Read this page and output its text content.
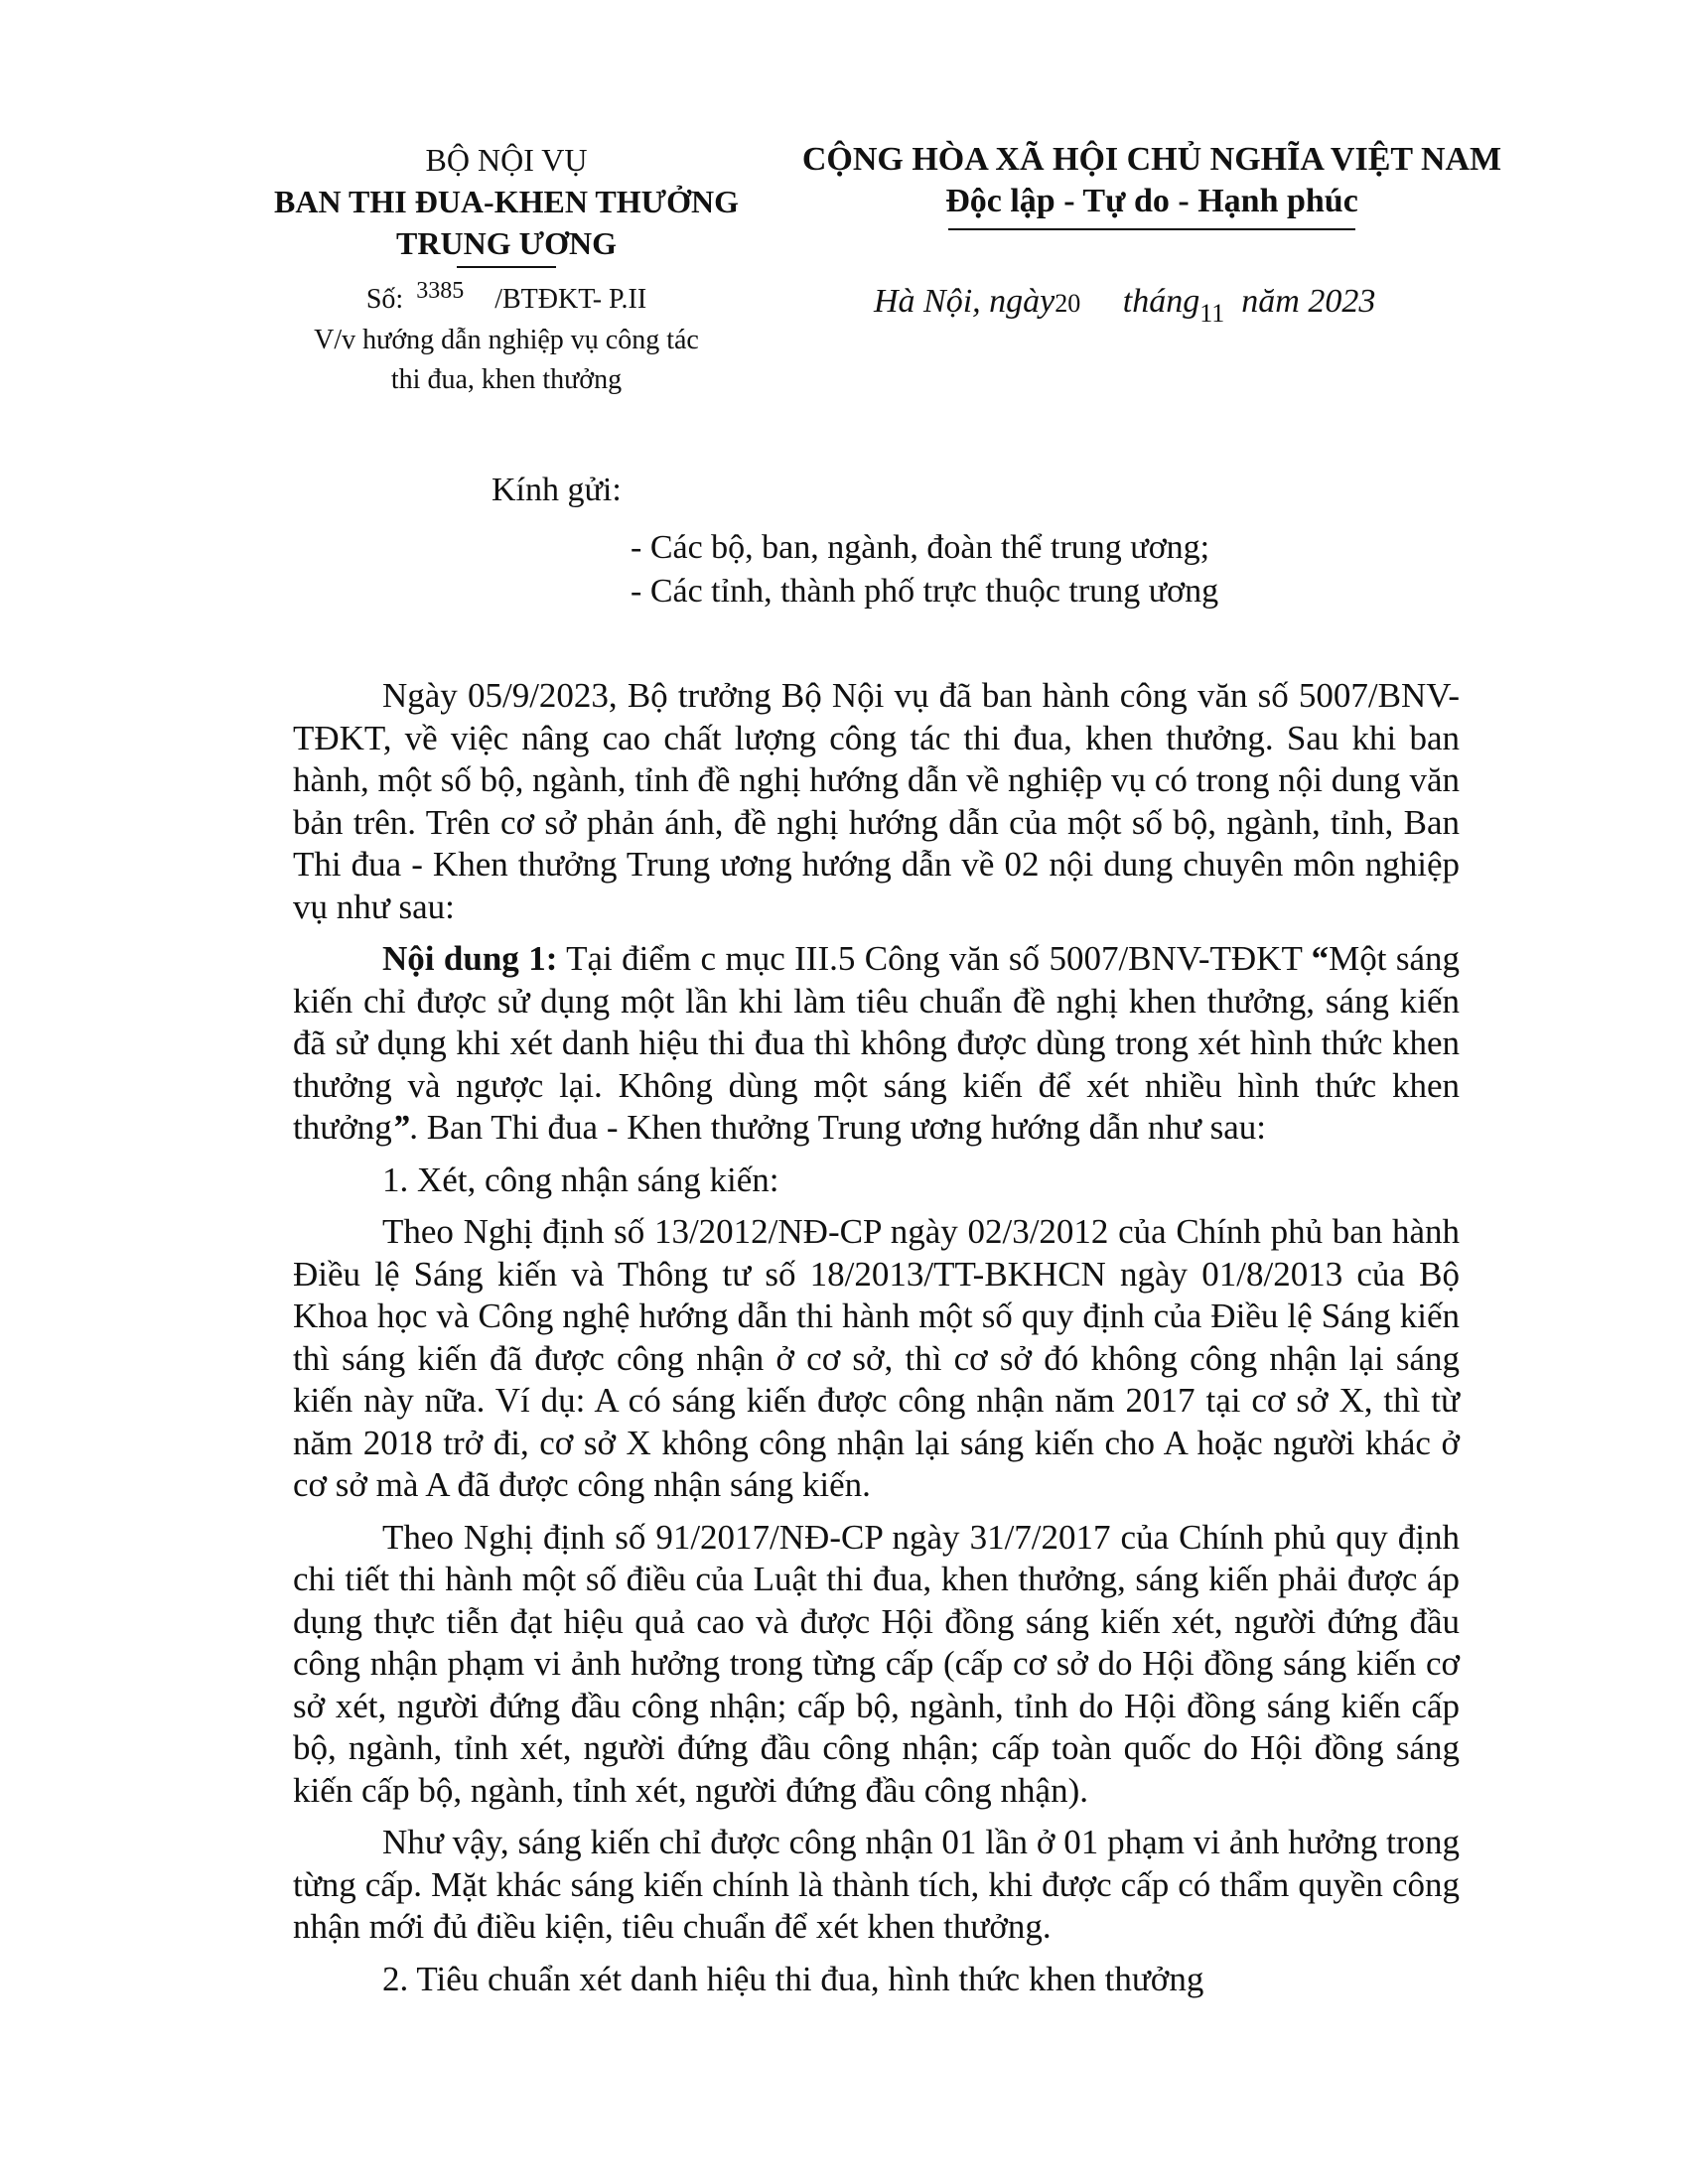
BỘ NỘI VỤ
BAN THI ĐUA-KHEN THƯỞNG
TRUNG ƯƠNG
Số: 3385 /BTĐKT- P.II
V/v hướng dẫn nghiệp vụ công tác
thi đua, khen thưởng
CỘNG HÒA XÃ HỘI CHỦ NGHĨA VIỆT NAM
Độc lập - Tự do - Hạnh phúc
Hà Nội, ngày20 tháng$_{11}$ năm 2023
Kính gửi:
- Các bộ, ban, ngành, đoàn thể trung ương;
- Các tỉnh, thành phố trực thuộc trung ương

Ngày 05/9/2023, Bộ trưởng Bộ Nội vụ đã ban hành công văn số 5007/BNV-TĐKT, về việc nâng cao chất lượng công tác thi đua, khen thưởng. Sau khi ban hành, một số bộ, ngành, tỉnh đề nghị hướng dẫn về nghiệp vụ có trong nội dung văn bản trên. Trên cơ sở phản ánh, đề nghị hướng dẫn của một số bộ, ngành, tỉnh, Ban Thi đua - Khen thưởng Trung ương hướng dẫn về 02 nội dung chuyên môn nghiệp vụ như sau:

Nội dung 1: Tại điểm c mục III.5 Công văn số 5007/BNV-TĐKT “Một sáng kiến chỉ được sử dụng một lần khi làm tiêu chuẩn đề nghị khen thưởng, sáng kiến đã sử dụng khi xét danh hiệu thi đua thì không được dùng trong xét hình thức khen thưởng và ngược lại. Không dùng một sáng kiến để xét nhiều hình thức khen thưởng”. Ban Thi đua - Khen thưởng Trung ương hướng dẫn như sau:

1. Xét, công nhận sáng kiến:

Theo Nghị định số 13/2012/NĐ-CP ngày 02/3/2012 của Chính phủ ban hành Điều lệ Sáng kiến và Thông tư số 18/2013/TT-BKHCN ngày 01/8/2013 của Bộ Khoa học và Công nghệ hướng dẫn thi hành một số quy định của Điều lệ Sáng kiến thì sáng kiến đã được công nhận ở cơ sở, thì cơ sở đó không công nhận lại sáng kiến này nữa. Ví dụ: A có sáng kiến được công nhận năm 2017 tại cơ sở X, thì từ năm 2018 trở đi, cơ sở X không công nhận lại sáng kiến cho A hoặc người khác ở cơ sở mà A đã được công nhận sáng kiến.

Theo Nghị định số 91/2017/NĐ-CP ngày 31/7/2017 của Chính phủ quy định chi tiết thi hành một số điều của Luật thi đua, khen thưởng, sáng kiến phải được áp dụng thực tiễn đạt hiệu quả cao và được Hội đồng sáng kiến xét, người đứng đầu công nhận phạm vi ảnh hưởng trong từng cấp (cấp cơ sở do Hội đồng sáng kiến cơ sở xét, người đứng đầu công nhận; cấp bộ, ngành, tỉnh do Hội đồng sáng kiến cấp bộ, ngành, tỉnh xét, người đứng đầu công nhận; cấp toàn quốc do Hội đồng sáng kiến cấp bộ, ngành, tỉnh xét, người đứng đầu công nhận).

Như vậy, sáng kiến chỉ được công nhận 01 lần ở 01 phạm vi ảnh hưởng trong từng cấp. Mặt khác sáng kiến chính là thành tích, khi được cấp có thẩm quyền công nhận mới đủ điều kiện, tiêu chuẩn để xét khen thưởng.

2. Tiêu chuẩn xét danh hiệu thi đua, hình thức khen thưởng
